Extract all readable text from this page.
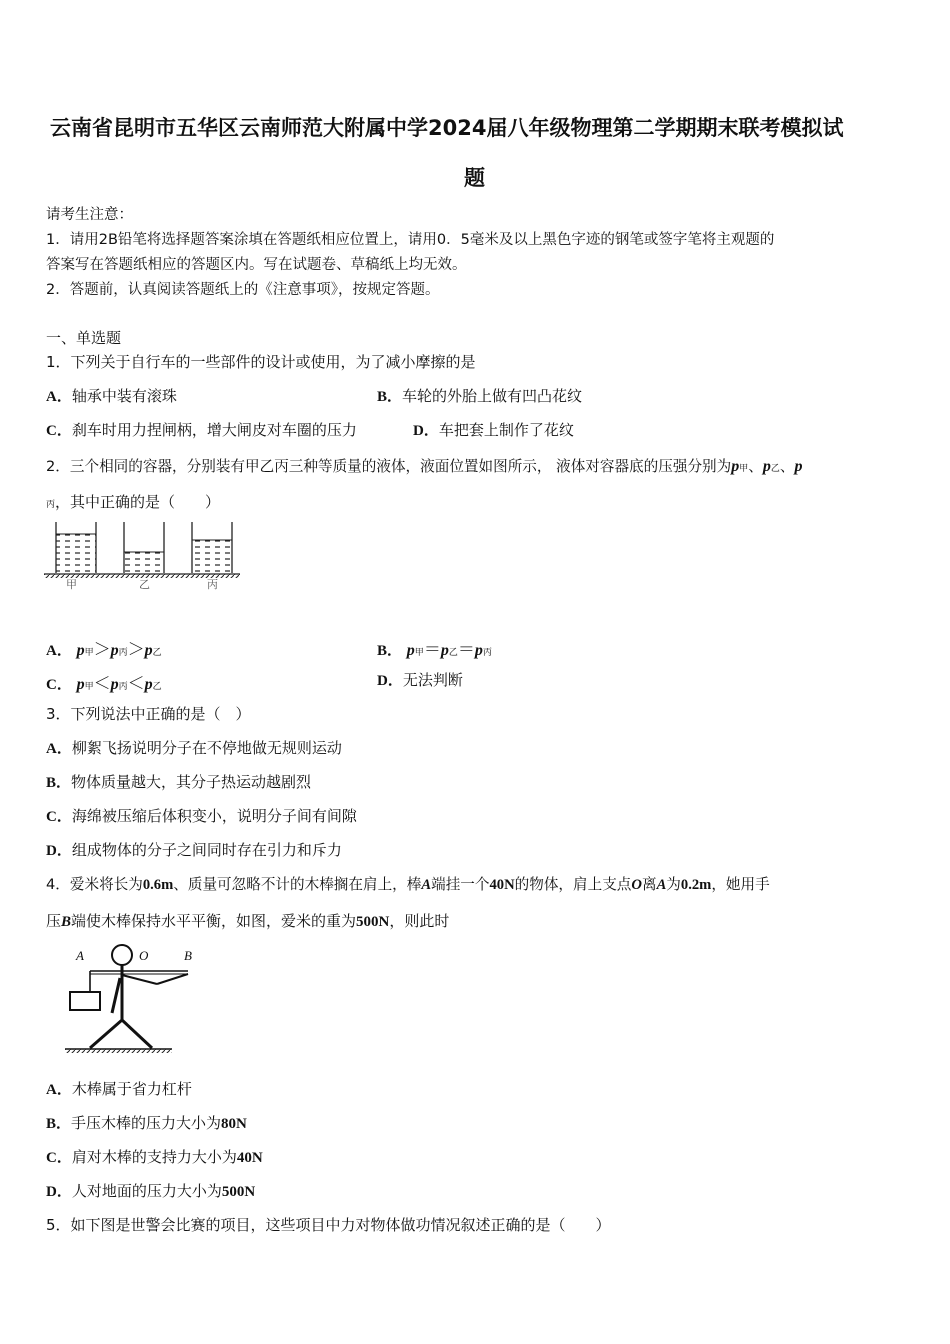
云南省昆明市五华区云南师范大附属中学2024届八年级物理第二学期期末联考模拟试
题
请考生注意：
1．请用2B铅笔将选择题答案涂填在答题纸相应位置上，请用0．5毫米及以上黑色字迹的钢笔或签字笔将主观题的
答案写在答题纸相应的答题区内。写在试题卷、草稿纸上均无效。
2．答题前，认真阅读答题纸上的《注意事项》，按规定答题。
一、单选题
1．下列关于自行车的一些部件的设计或使用，为了减小摩擦的是
A．轴承中装有滚珠	B．车轮的外胎上做有凹凸花纹
C．刹车时用力捏闸柄，增大闸皮对车圈的压力	D．车把套上制作了花纹
2．三个相同的容器，分别装有甲乙丙三种等质量的液体，液面位置如图所示， 液体对容器底的压强分别为p甲、p乙、p
丙，其中正确的是（　　）
甲	乙	丙
A． p甲＞p丙＞p乙	B． p甲＝p乙＝p丙
C． p甲＜p丙＜p乙	D．无法判断
3．下列说法中正确的是（　）
A．柳絮飞扬说明分子在不停地做无规则运动
B．物体质量越大，其分子热运动越剧烈
C．海绵被压缩后体积变小，说明分子间有间隙
D．组成物体的分子之间同时存在引力和斥力
4．爱米将长为0.6m、质量可忽略不计的木棒搁在肩上，棒A端挂一个40N的物体，肩上支点O离A为0.2m，她用手
压B端使木棒保持水平平衡，如图，爱米的重为500N，则此时
A	O	B
A．木棒属于省力杠杆
B．手压木棒的压力大小为80N
C．肩对木棒的支持力大小为40N
D．人对地面的压力大小为500N
5．如下图是世警会比赛的项目，这些项目中力对物体做功情况叙述正确的是（　　）
